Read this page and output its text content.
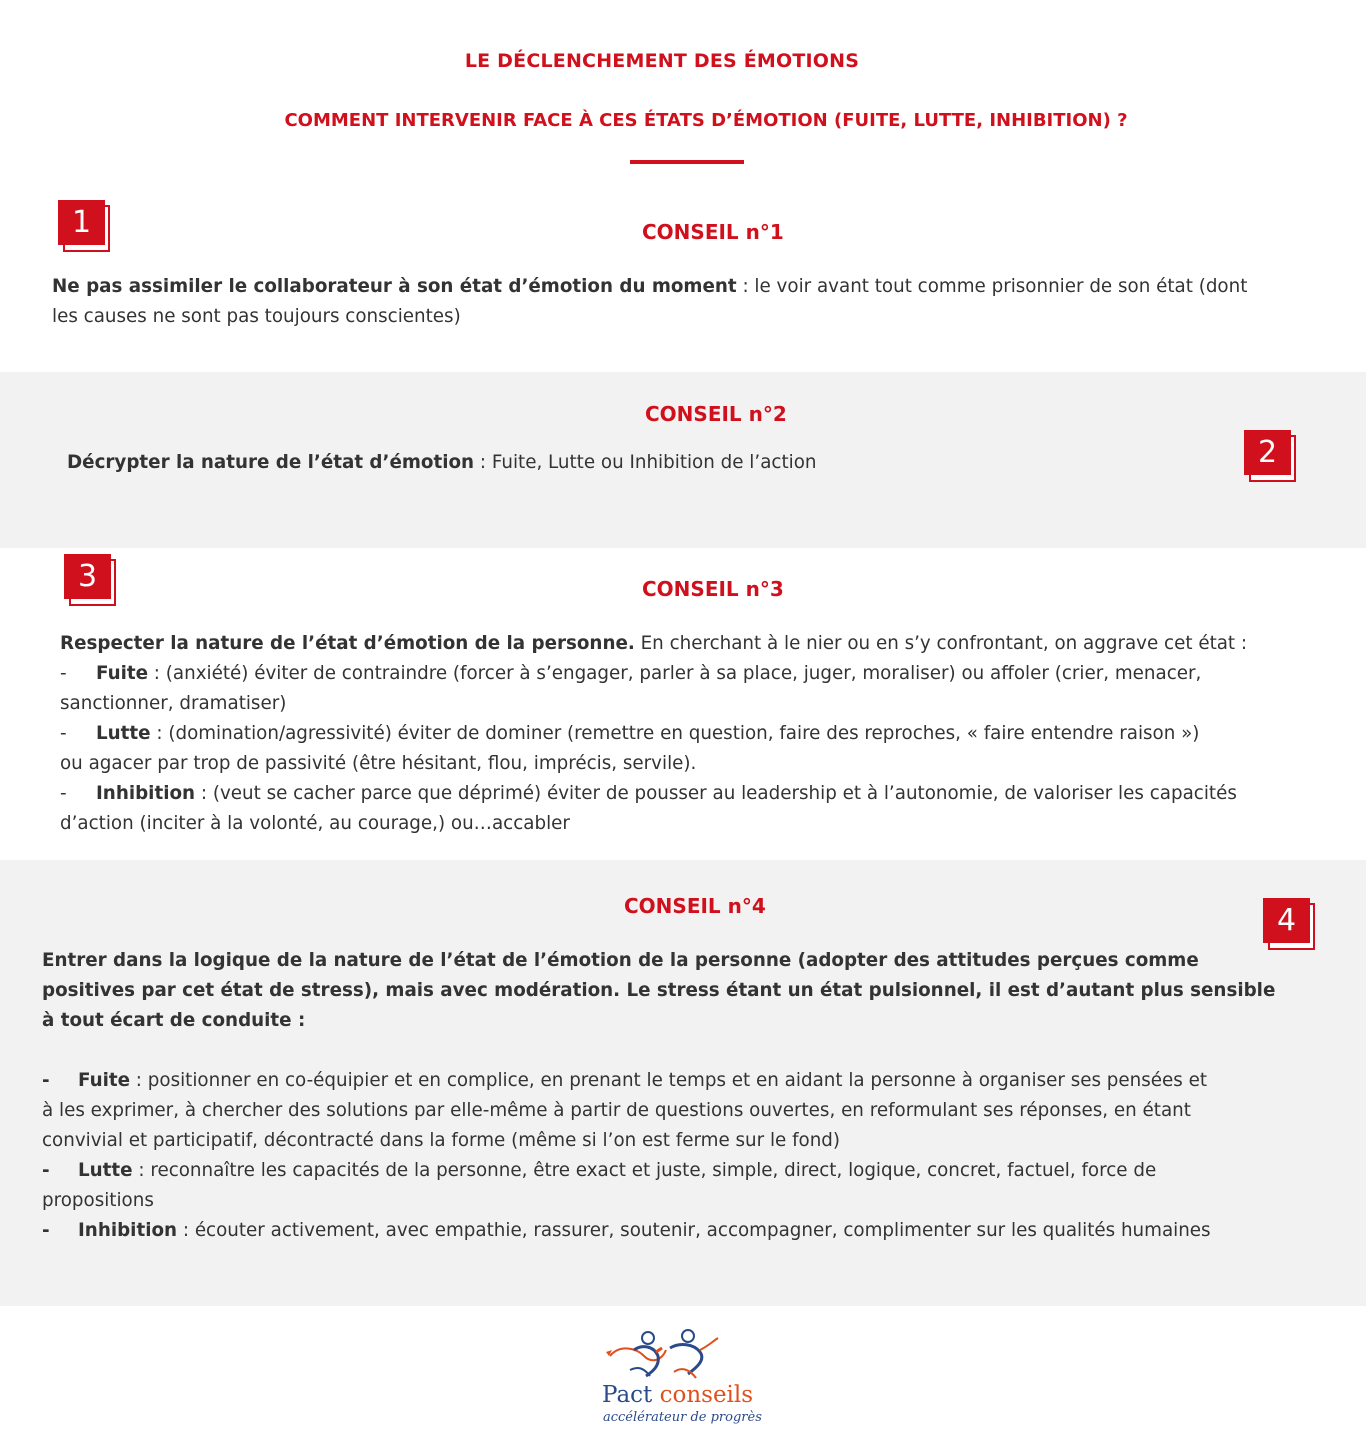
LE DÉCLENCHEMENT DES ÉMOTIONS
COMMENT INTERVENIR FACE À CES ÉTATS D’ÉMOTION (FUITE, LUTTE, INHIBITION) ?
1	CONSEIL n°1
Ne pas assimiler le collaborateur à son état d’émotion du moment : le voir avant tout comme prisonnier de son état (dont
les causes ne sont pas toujours conscientes)
CONSEIL n°2
Décrypter la nature de l’état d’émotion : Fuite, Lutte ou Inhibition de l’action	2
3	CONSEIL n°3
Respecter la nature de l’état d’émotion de la personne. En cherchant à le nier ou en s’y confrontant, on aggrave cet état :
- Fuite : (anxiété) éviter de contraindre (forcer à s’engager, parler à sa place, juger, moraliser) ou affoler (crier, menacer,
sanctionner, dramatiser)
- Lutte : (domination/agressivité) éviter de dominer (remettre en question, faire des reproches, « faire entendre raison »)
ou agacer par trop de passivité (être hésitant, flou, imprécis, servile).
- Inhibition : (veut se cacher parce que déprimé) éviter de pousser au leadership et à l’autonomie, de valoriser les capacités
d’action (inciter à la volonté, au courage,) ou…accabler
CONSEIL n°4	4
Entrer dans la logique de la nature de l’état de l’émotion de la personne (adopter des attitudes perçues comme
positives par cet état de stress), mais avec modération. Le stress étant un état pulsionnel, il est d’autant plus sensible
à tout écart de conduite :

- Fuite : positionner en co-équipier et en complice, en prenant le temps et en aidant la personne à organiser ses pensées et
à les exprimer, à chercher des solutions par elle-même à partir de questions ouvertes, en reformulant ses réponses, en étant
convivial et participatif, décontracté dans la forme (même si l’on est ferme sur le fond)
- Lutte : reconnaître les capacités de la personne, être exact et juste, simple, direct, logique, concret, factuel, force de
propositions
- Inhibition : écouter activement, avec empathie, rassurer, soutenir, accompagner, complimenter sur les qualités humaines
Pact conseils
accélérateur de progrès
